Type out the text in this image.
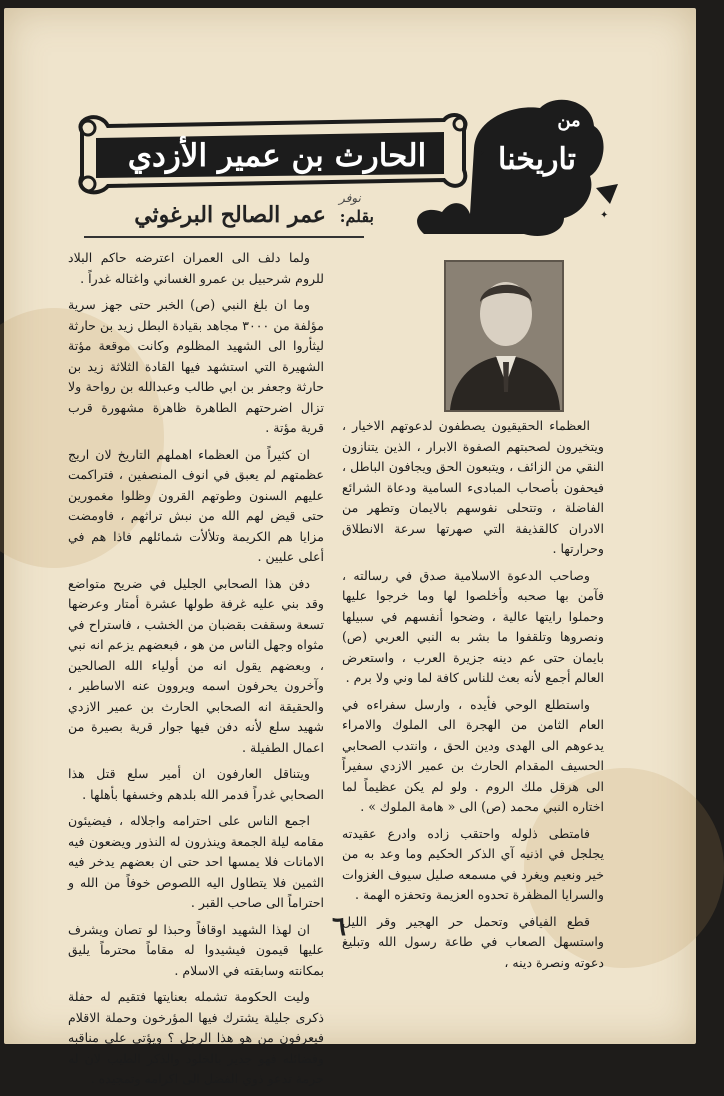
✦
✦
الحارث بن عمير الأزدي
من
تاريخنا
نوفر
بقلم: عمر الصالح البرغوثي

ولما دلف الى العمران اعترضه حاكم البلاد للروم شرحبيل بن عمرو الغساني واغتاله غدراً .

وما ان بلغ النبي (ص) الخبر حتى جهز سرية مؤلفة من ٣٠٠٠ مجاهد بقيادة البطل زيد بن حارثة ليثأروا الى الشهيد المظلوم وكانت موقعة مؤتة الشهيرة التي استشهد فيها القادة الثلاثة زيد بن حارثة وجعفر بن ابي طالب وعبدالله بن رواحة ولا تزال اضرحتهم الطاهرة ظاهرة مشهورة قرب قرية مؤتة .

ان كثيراً من العظماء اهملهم التاريخ لان اريج عظمتهم لم يعبق في انوف المنصفين ، فتراكمت عليهم السنون وطوتهم القرون وظلوا مغمورين حتى قيض لهم الله من نبش تراثهم ، فاومضت مزايا هم الكريمة وتلألأت شمائلهم فاذا هم في أعلى عليين .

دفن هذا الصحابي الجليل في ضريح متواضع وقد بني عليه غرفة طولها عشرة أمتار وعرضها تسعة وسقفت بقضبان من الخشب ، فاستراح في مثواه وجهل الناس من هو ، فبعضهم يزعم انه نبي ، وبعضهم يقول انه من أولياء الله الصالحين وآخرون يحرفون اسمه ويروون عنه الاساطير ، والحقيقة انه الصحابي الحارث بن عمير الازدي شهيد سلع لأنه دفن فيها جوار قرية بصيرة من اعمال الطفيلة .

ويتناقل العارفون ان أمير سلع قتل هذا الصحابي غدراً فدمر الله بلدهم وخسفها بأهلها .

اجمع الناس على احترامه واجلاله ، فيضيئون مقامه ليلة الجمعة وينذرون له النذور ويضعون فيه الامانات فلا يمسها احد حتى ان بعضهم يدخر فيه الثمين فلا يتطاول اليه اللصوص خوفاً من الله و احتراماً الى صاحب القبر .

ان لهذا الشهيد اوقافاً وحبذا لو تصان ويشرف عليها قيمون فيشيدوا له مقاماً محترماً يليق بمكانته وسابقته في الاسلام .

وليت الحكومة تشمله بعنايتها فتقيم له حفلة ذكرى جليلة يشترك فيها المؤرخون وحملة الاقلام فيعرفون من هو هذا الرجل ؟ ويؤتى على مناقبه وفضائله فهو جدير بالخلود والذكر الطيب لان له حرمة تدعو ذوي الفضل الى اكرامه وتمجيده .

العظماء الحقيقيون يصطفون لدعوتهم الاخيار ، ويتخيرون لصحبتهم الصفوة الابرار ، الذين يتنازون النقي من الزائف ، ويتبعون الحق ويجافون الباطل ، فيحفون بأصحاب المبادىء السامية ودعاة الشرائع الفاضلة ، وتتحلى نفوسهم بالايمان وتطهر من الادران كالقذيفة التي صهرتها سرعة الانطلاق وحرارتها .

وصاحب الدعوة الاسلامية صدق في رسالته ، فآمن بها صحبه وأخلصوا لها وما خرجوا عليها وحملوا رايتها عالية ، وضحوا أنفسهم في سبيلها ونصروها وتلقفوا ما بشر به النبي العربي (ص) بايمان حتى عم دينه جزيرة العرب ، واستعرض العالم أجمع لأنه بعث للناس كافة لما وني ولا برم .

واستطلع الوحي فأيده ، وارسل سفراءه في العام الثامن من الهجرة الى الملوك والامراء يدعوهم الى الهدى ودين الحق ، وانتدب الصحابي الحسيف المقدام الحارث بن عمير الازدي سفيراً الى هرقل ملك الروم . ولو لم يكن عظيماً لما اختاره النبي محمد (ص) الى « هامة الملوك » .

فامتطى ذلوله واحتقب زاده وادرع عقيدته يجلجل في اذنيه آي الذكر الحكيم وما وعد به من خير ونعيم ويغرد في مسمعه صليل سيوف الغزوات والسرايا المظفرة تحدوه العزيمة وتحفزه الهمة .

قطع الفيافي وتحمل حر الهجير وقر الليل واستسهل الصعاب في طاعة رسول الله وتبليغ دعوته ونصرة دينه ،

٦
